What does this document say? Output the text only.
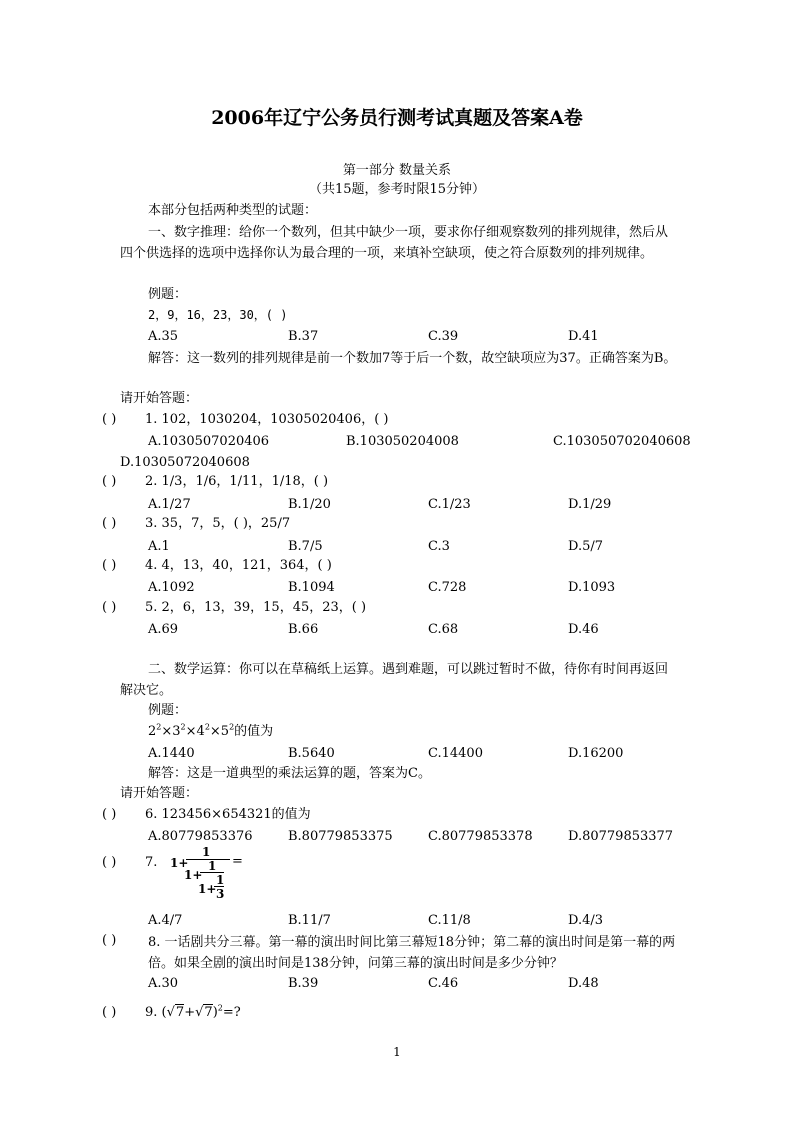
2006年辽宁公务员行测考试真题及答案A卷
第一部分 数量关系
（共15题，参考时限15分钟）
本部分包括两种类型的试题：
一、数字推理：给你一个数列，但其中缺少一项，要求你仔细观察数列的排列规律，然后从四个供选择的选项中选择你认为最合理的一项，来填补空缺项，使之符合原数列的排列规律。
例题：
2，9，16，23，30，( )
A.35	B.37	C.39	D.41
解答：这一数列的排列规律是前一个数加7等于后一个数，故空缺项应为37。正确答案为B。
请开始答题：
( ) 1. 102，1030204，10305020406，( )
A.1030507020406	B.103050204008	C.10305070204060​8
D.10305072040608
( ) 2. 1/3，1/6，1/11，1/18，( )
A.1/27	B.1/20	C.1/23	D.1/29
( ) 3. 35，7，5，( )，25/7
A.1	B.7/5	C.3	D.5/7
( ) 4. 4，13，40，121，364，( )
A.1092	B.1094	C.728	D.1093
( ) 5. 2，6，13，39，15，45，23，( )
A.69	B.66	C.68	D.46
二、数学运算：你可以在草稿纸上运算。遇到难题，可以跳过暂时不做，待你有时间再返回解决它。
例题：
$2^2\times 3^2\times 4^2\times 5^2$的值为
A.1440	B.5640	C.14400	D.16200
解答：这是一道典型的乘法运算的题，答案为C。
请开始答题：
( ) 6. 123456×654321的值为
A.80779853376	B.80779853375	C.80779853378	D.80779853377
( ) 7. 1+
1
1+
1
1+
1
3
=
A.4/7	B.11/7	C.11/8	D.4/3
( ) 8. 一话剧共分三幕。第一幕的演出时间比第三幕短18分钟；第二幕的演出时间是第一幕的两倍。如果全剧的演出时间是138分钟，问第三幕的演出时间是多少分钟？
A.30	B.39	C.46	D.48
( ) 9. $(√7+√7)^2=$?
1
